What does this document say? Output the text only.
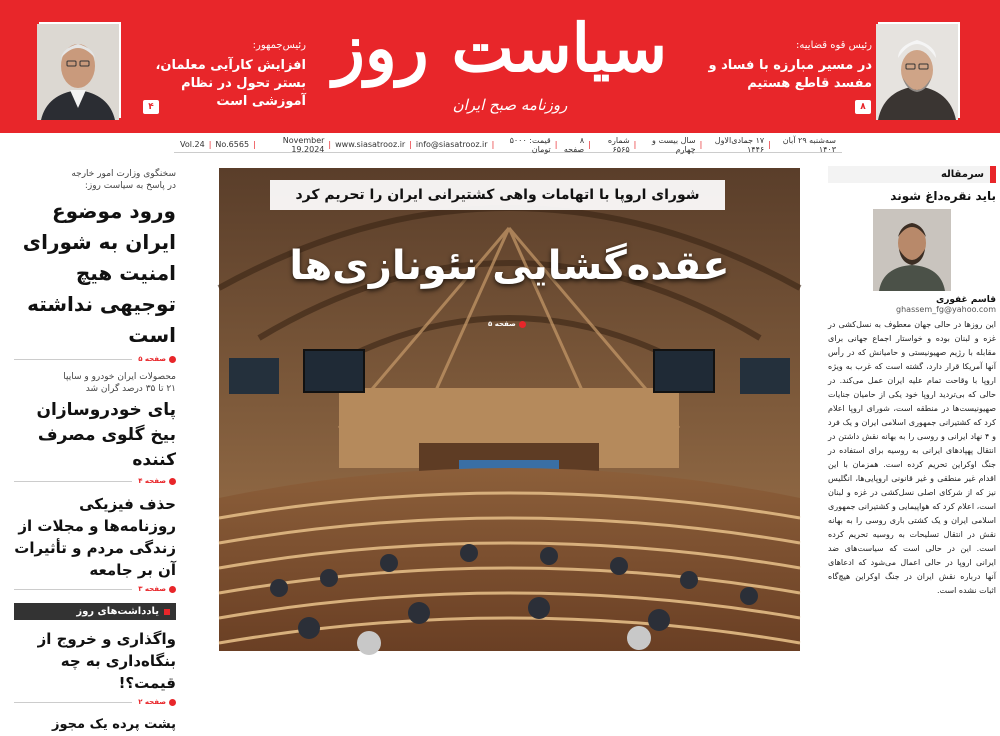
رئیس‌جمهور:
افزایش کارآیی معلمان، بستر تحول در نظام آموزشی است
۴
سیاست روز
روزنامه صبح ایران
رئیس قوه قضاییه:
در مسیر مبارزه با فساد و مفسد قاطع هستیم
۸
سه‌شنبه ۲۹ آبان ۱۴۰۳
|
۱۷ جمادی‌الاول ۱۴۴۶
|
سال بیست و چهارم
|
شماره ۶۵۶۵
|
۸ صفحه
|
قیمت: ۵۰۰۰ تومان
|
info@siasatrooz.ir
|
www.siasatrooz.ir
|
November 19.2024
|
No.6565
|
Vol.24
سخنگوی وزارت امور خارجه
در پاسخ به سیاست روز:
ورود موضوع ایران به شورای امنیت هیچ توجیهی نداشته است
صفحه ۵
محصولات ایران خودرو و سایپا
۲۱ تا ۳۵ درصد گران شد
پای خودروسازان بیخ گلوی مصرف کننده
صفحه ۴
حذف فیزیکی روزنامه‌ها و مجلات از زندگی مردم و تأثیرات آن بر جامعه
صفحه ۳
یادداشت‌های روز
واگذاری و خروج از بنگاه‌داری به چه قیمت؟!
صفحه ۲
پشت پرده یک مجوز
شورای اروپا با اتهامات واهی کشتیرانی ایران را تحریم کرد
عقده‌گشایی نئونازی‌ها
صفحه ۵
سرمقاله
باید نقره‌داغ شوند
قاسم غفوری
ghassem_fg@yahoo.com
این روزها در حالی جهان معطوف به نسل‌کشی در غزه و لبنان بوده و خواستار اجماع جهانی برای مقابله با رژیم صهیونیستی و حامیانش که در رأس آنها آمریکا قرار دارد، گشته است که غرب به ویژه اروپا با وقاحت تمام علیه ایران عمل می‌کند. در حالی که بی‌تردید اروپا خود یکی از حامیان جنایات صهیونیست‌ها در منطقه است، شورای اروپا اعلام کرد که کشتیرانی جمهوری اسلامی ایران و یک فرد و ۴ نهاد ایرانی و روسی را به بهانه نقش داشتن در انتقال پهپادهای ایرانی به روسیه برای استفاده در جنگ اوکراین تحریم کرده است. همزمان با این اقدام غیر منطقی و غیر قانونی اروپایی‌ها، انگلیس نیز که از شرکای اصلی نسل‌کشی در غزه و لبنان است، اعلام کرد که هواپیمایی و کشتیرانی جمهوری اسلامی ایران و یک کشتی باری روسی را به بهانه نقش در انتقال تسلیحات به روسیه تحریم کرده است. این در حالی است که سیاست‌های ضد ایرانی اروپا در حالی اعمال می‌شود که ادعاهای آنها درباره نقش ایران در جنگ اوکراین هیچ‌گاه اثبات نشده است.
